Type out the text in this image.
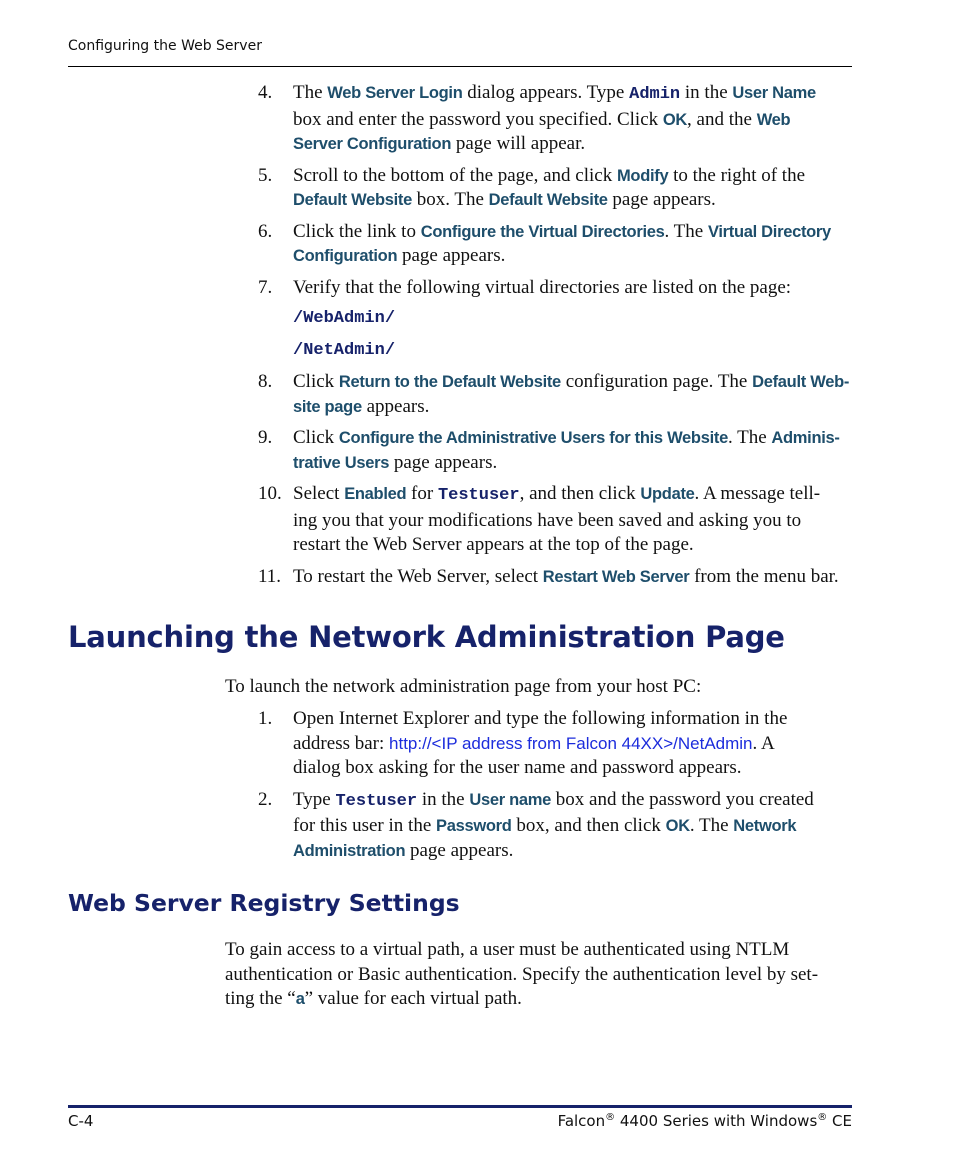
Configuring the Web Server
4. The Web Server Login dialog appears. Type Admin in the User Name
box and enter the password you specified. Click OK, and the Web
Server Configuration page will appear.
5. Scroll to the bottom of the page, and click Modify to the right of the
Default Website box. The Default Website page appears.
6. Click the link to Configure the Virtual Directories. The Virtual Directory
Configuration page appears.
7. Verify that the following virtual directories are listed on the page:
/WebAdmin/
/NetAdmin/
8. Click Return to the Default Website configuration page. The Default Web-
site page appears.
9. Click Configure the Administrative Users for this Website. The Adminis-
trative Users page appears.
10. Select Enabled for Testuser, and then click Update. A message tell-
ing you that your modifications have been saved and asking you to
restart the Web Server appears at the top of the page.
11. To restart the Web Server, select Restart Web Server from the menu bar.
Launching the Network Administration Page

To launch the network administration page from your host PC:

1. Open Internet Explorer and type the following information in the
address bar: http://<IP address from Falcon 44XX>/NetAdmin. A
dialog box asking for the user name and password appears.
2. Type Testuser in the User name box and the password you created
for this user in the Password box, and then click OK. The Network
Administration page appears.
Web Server Registry Settings

To gain access to a virtual path, a user must be authenticated using NTLM
authentication or Basic authentication. Specify the authentication level by set-
ting the “a” value for each virtual path.

C-4	Falcon® 4400 Series with Windows® CE
